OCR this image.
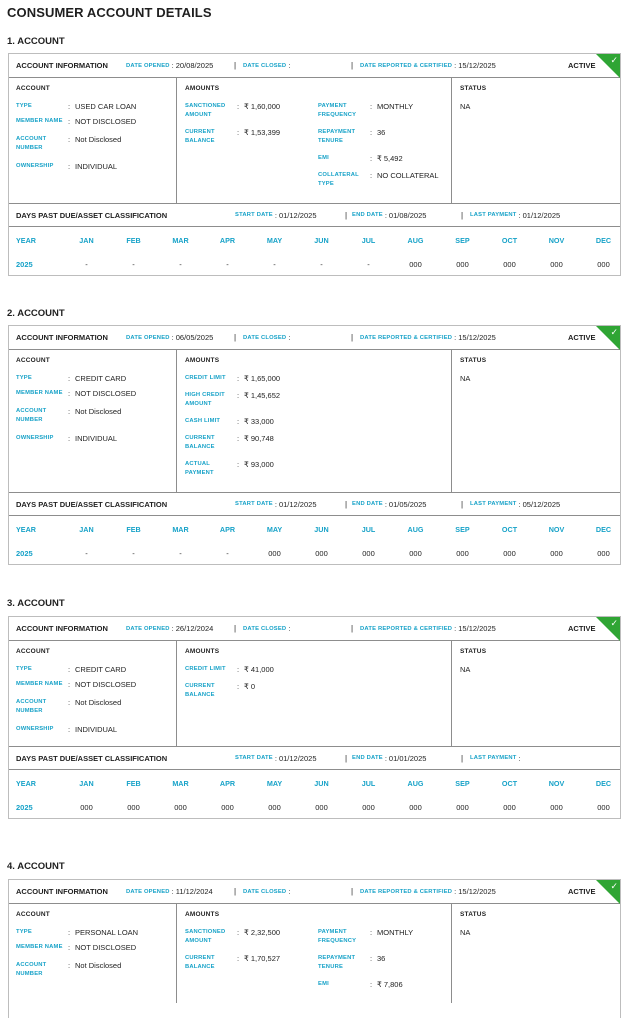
CONSUMER ACCOUNT DETAILS
1. ACCOUNT
ACCOUNT INFORMATION	DATE OPENED : 20/08/2025	| DATE CLOSED :	| DATE REPORTED & CERTIFIED : 15/12/2025	ACTIVE
✓
ACCOUNT
TYPE	: USED CAR LOAN
MEMBER NAME : NOT DISCLOSED
ACCOUNT NUMBER
: Not Disclosed
OWNERSHIP	: INDIVIDUAL
AMOUNTS
SANCTIONED AMOUNT
: ₹ 1,60,000
CURRENT BALANCE
: ₹ 1,53,399
PAYMENT FREQUENCY
: MONTHLY
REPAYMENT TENURE
: 36
EMI	: ₹ 5,492
COLLATERAL TYPE
: NO COLLATERAL
STATUS
NA
DAYS PAST DUE/ASSET CLASSIFICATION	START DATE : 01/12/2025	| END DATE : 01/08/2025	| LAST PAYMENT : 01/12/2025
YEAR	JAN	FEB	MAR	APR	MAY	JUN	JUL	AUG	SEP	OCT	NOV	DEC
2025	-	-	-	-	-	-	-	000	000	000	000	000
2. ACCOUNT
ACCOUNT INFORMATION	DATE OPENED : 06/05/2025	| DATE CLOSED :	| DATE REPORTED & CERTIFIED : 15/12/2025	ACTIVE
✓
ACCOUNT
TYPE	: CREDIT CARD
MEMBER NAME : NOT DISCLOSED
ACCOUNT NUMBER
: Not Disclosed
OWNERSHIP	: INDIVIDUAL
AMOUNTS
CREDIT LIMIT	: ₹ 1,65,000
HIGH CREDIT AMOUNT
: ₹ 1,45,652
CASH LIMIT	: ₹ 33,000
CURRENT BALANCE
: ₹ 90,748
ACTUAL PAYMENT
: ₹ 93,000
STATUS
NA
DAYS PAST DUE/ASSET CLASSIFICATION	START DATE : 01/12/2025	| END DATE : 01/05/2025	| LAST PAYMENT : 05/12/2025
YEAR	JAN	FEB	MAR	APR	MAY	JUN	JUL	AUG	SEP	OCT	NOV	DEC
2025	-	-	-	-	000	000	000	000	000	000	000	000
3. ACCOUNT
ACCOUNT INFORMATION	DATE OPENED : 26/12/2024	| DATE CLOSED :	| DATE REPORTED & CERTIFIED : 15/12/2025	ACTIVE
✓
ACCOUNT
TYPE	: CREDIT CARD
MEMBER NAME : NOT DISCLOSED
ACCOUNT NUMBER
: Not Disclosed
OWNERSHIP	: INDIVIDUAL
AMOUNTS
CREDIT LIMIT	: ₹ 41,000
CURRENT BALANCE
: ₹ 0
STATUS
NA
DAYS PAST DUE/ASSET CLASSIFICATION	START DATE : 01/12/2025	| END DATE : 01/01/2025	| LAST PAYMENT :
YEAR	JAN	FEB	MAR	APR	MAY	JUN	JUL	AUG	SEP	OCT	NOV	DEC
2025	000	000	000	000	000	000	000	000	000	000	000	000
4. ACCOUNT
ACCOUNT INFORMATION	DATE OPENED : 11/12/2024	| DATE CLOSED :	| DATE REPORTED & CERTIFIED : 15/12/2025	ACTIVE
✓
ACCOUNT
TYPE	: PERSONAL LOAN
MEMBER NAME : NOT DISCLOSED
ACCOUNT NUMBER
: Not Disclosed
AMOUNTS
SANCTIONED AMOUNT
: ₹ 2,32,500
CURRENT BALANCE
: ₹ 1,70,527
PAYMENT FREQUENCY
: MONTHLY
REPAYMENT TENURE
: 36
EMI	: ₹ 7,806
STATUS
NA
